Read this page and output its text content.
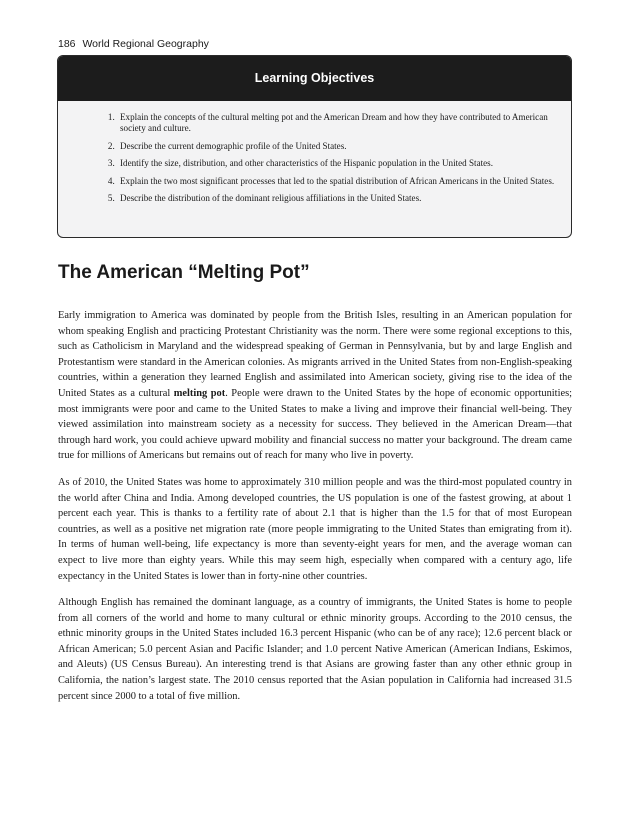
186 World Regional Geography
Learning Objectives
1. Explain the concepts of the cultural melting pot and the American Dream and how they have contributed to American society and culture.
2. Describe the current demographic profile of the United States.
3. Identify the size, distribution, and other characteristics of the Hispanic population in the United States.
4. Explain the two most significant processes that led to the spatial distribution of African Americans in the United States.
5. Describe the distribution of the dominant religious affiliations in the United States.
The American “Melting Pot”

Early immigration to America was dominated by people from the British Isles, resulting in an American population for whom speaking English and practicing Protestant Christianity was the norm. There were some regional exceptions to this, such as Catholicism in Maryland and the widespread speaking of German in Pennsylvania, but by and large English and Protestantism were standard in the American colonies. As migrants arrived in the United States from non-English-speaking countries, within a generation they learned English and assimilated into American society, giving rise to the idea of the United States as a cultural melting pot. People were drawn to the United States by the hope of economic opportunities; most immigrants were poor and came to the United States to make a living and improve their financial well-being. They viewed assimilation into mainstream society as a necessity for success. They believed in the American Dream—that through hard work, you could achieve upward mobility and financial success no matter your background. The dream came true for millions of Americans but remains out of reach for many who live in poverty.

As of 2010, the United States was home to approximately 310 million people and was the third-most populated country in the world after China and India. Among developed countries, the US population is one of the fastest growing, at about 1 percent each year. This is thanks to a fertility rate of about 2.1 that is higher than the 1.5 for that of most European countries, as well as a positive net migration rate (more people immigrating to the United States than emigrating from it). In terms of human well-being, life expectancy is more than seventy-eight years for men, and the average woman can expect to live more than eighty years. While this may seem high, especially when compared with a century ago, life expectancy in the United States is lower than in forty-nine other countries.

Although English has remained the dominant language, as a country of immigrants, the United States is home to people from all corners of the world and home to many cultural or ethnic minority groups. According to the 2010 census, the ethnic minority groups in the United States included 16.3 percent Hispanic (who can be of any race); 12.6 percent black or African American; 5.0 percent Asian and Pacific Islander; and 1.0 percent Native American (American Indians, Eskimos, and Aleuts) (US Census Bureau). An interesting trend is that Asians are growing faster than any other ethnic group in California, the nation’s largest state. The 2010 census reported that the Asian population in California had increased 31.5 percent since 2000 to a total of five million.
